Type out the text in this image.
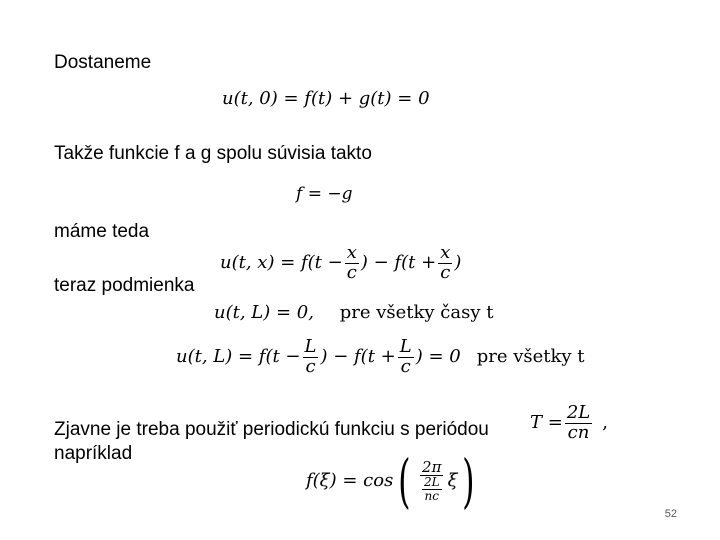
Dostaneme
u(t, 0) = f(t) + g(t) = 0
Takže funkcie f a g spolu súvisia takto
f = −g
máme teda
u(t, $x) = f(t - \frac{x}{c}$ ) − $f(t + \frac{x}{c}$ )
teraz podmienka
u(t, L) = 0, pre všetky časy t
u(t, $L) = f(t - \frac{L}{c}$ ) − $f(t + \frac{L}{c}$ ) = 0 pre všetky t
Zjavne je treba použiť periodickú funkciu s periódou $T = \frac{2L}{cn}$ ,
napríklad
f(ξ) = cos ( $\frac{2\pi}{\frac{2L}{nc}}$ ξ )	52
